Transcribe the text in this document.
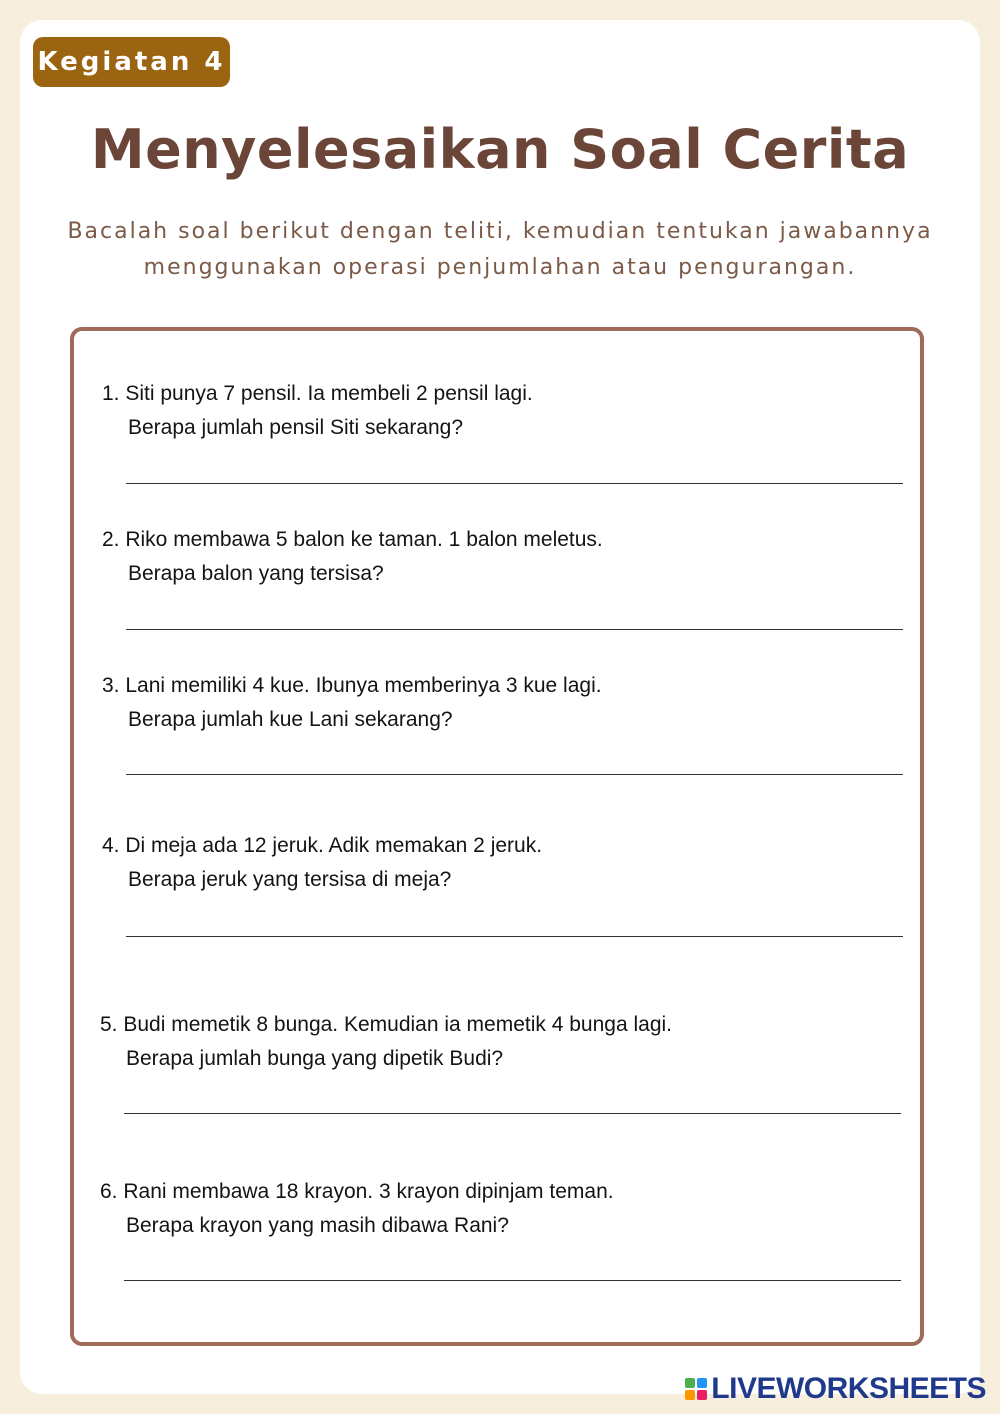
Kegiatan 4
Menyelesaikan Soal Cerita

Bacalah soal berikut dengan teliti, kemudian tentukan jawabannya
menggunakan operasi penjumlahan atau pengurangan.

1. Siti punya 7 pensil. Ia membeli 2 pensil lagi.
Berapa jumlah pensil Siti sekarang?
2. Riko membawa 5 balon ke taman. 1 balon meletus.
Berapa balon yang tersisa?
3. Lani memiliki 4 kue. Ibunya memberinya 3 kue lagi.
Berapa jumlah kue Lani sekarang?
4. Di meja ada 12 jeruk. Adik memakan 2 jeruk.
Berapa jeruk yang tersisa di meja?
5. Budi memetik 8 bunga. Kemudian ia memetik 4 bunga lagi.
Berapa jumlah bunga yang dipetik Budi?
6. Rani membawa 18 krayon. 3 krayon dipinjam teman.
Berapa krayon yang masih dibawa Rani?
LIVEWORKSHEETS
